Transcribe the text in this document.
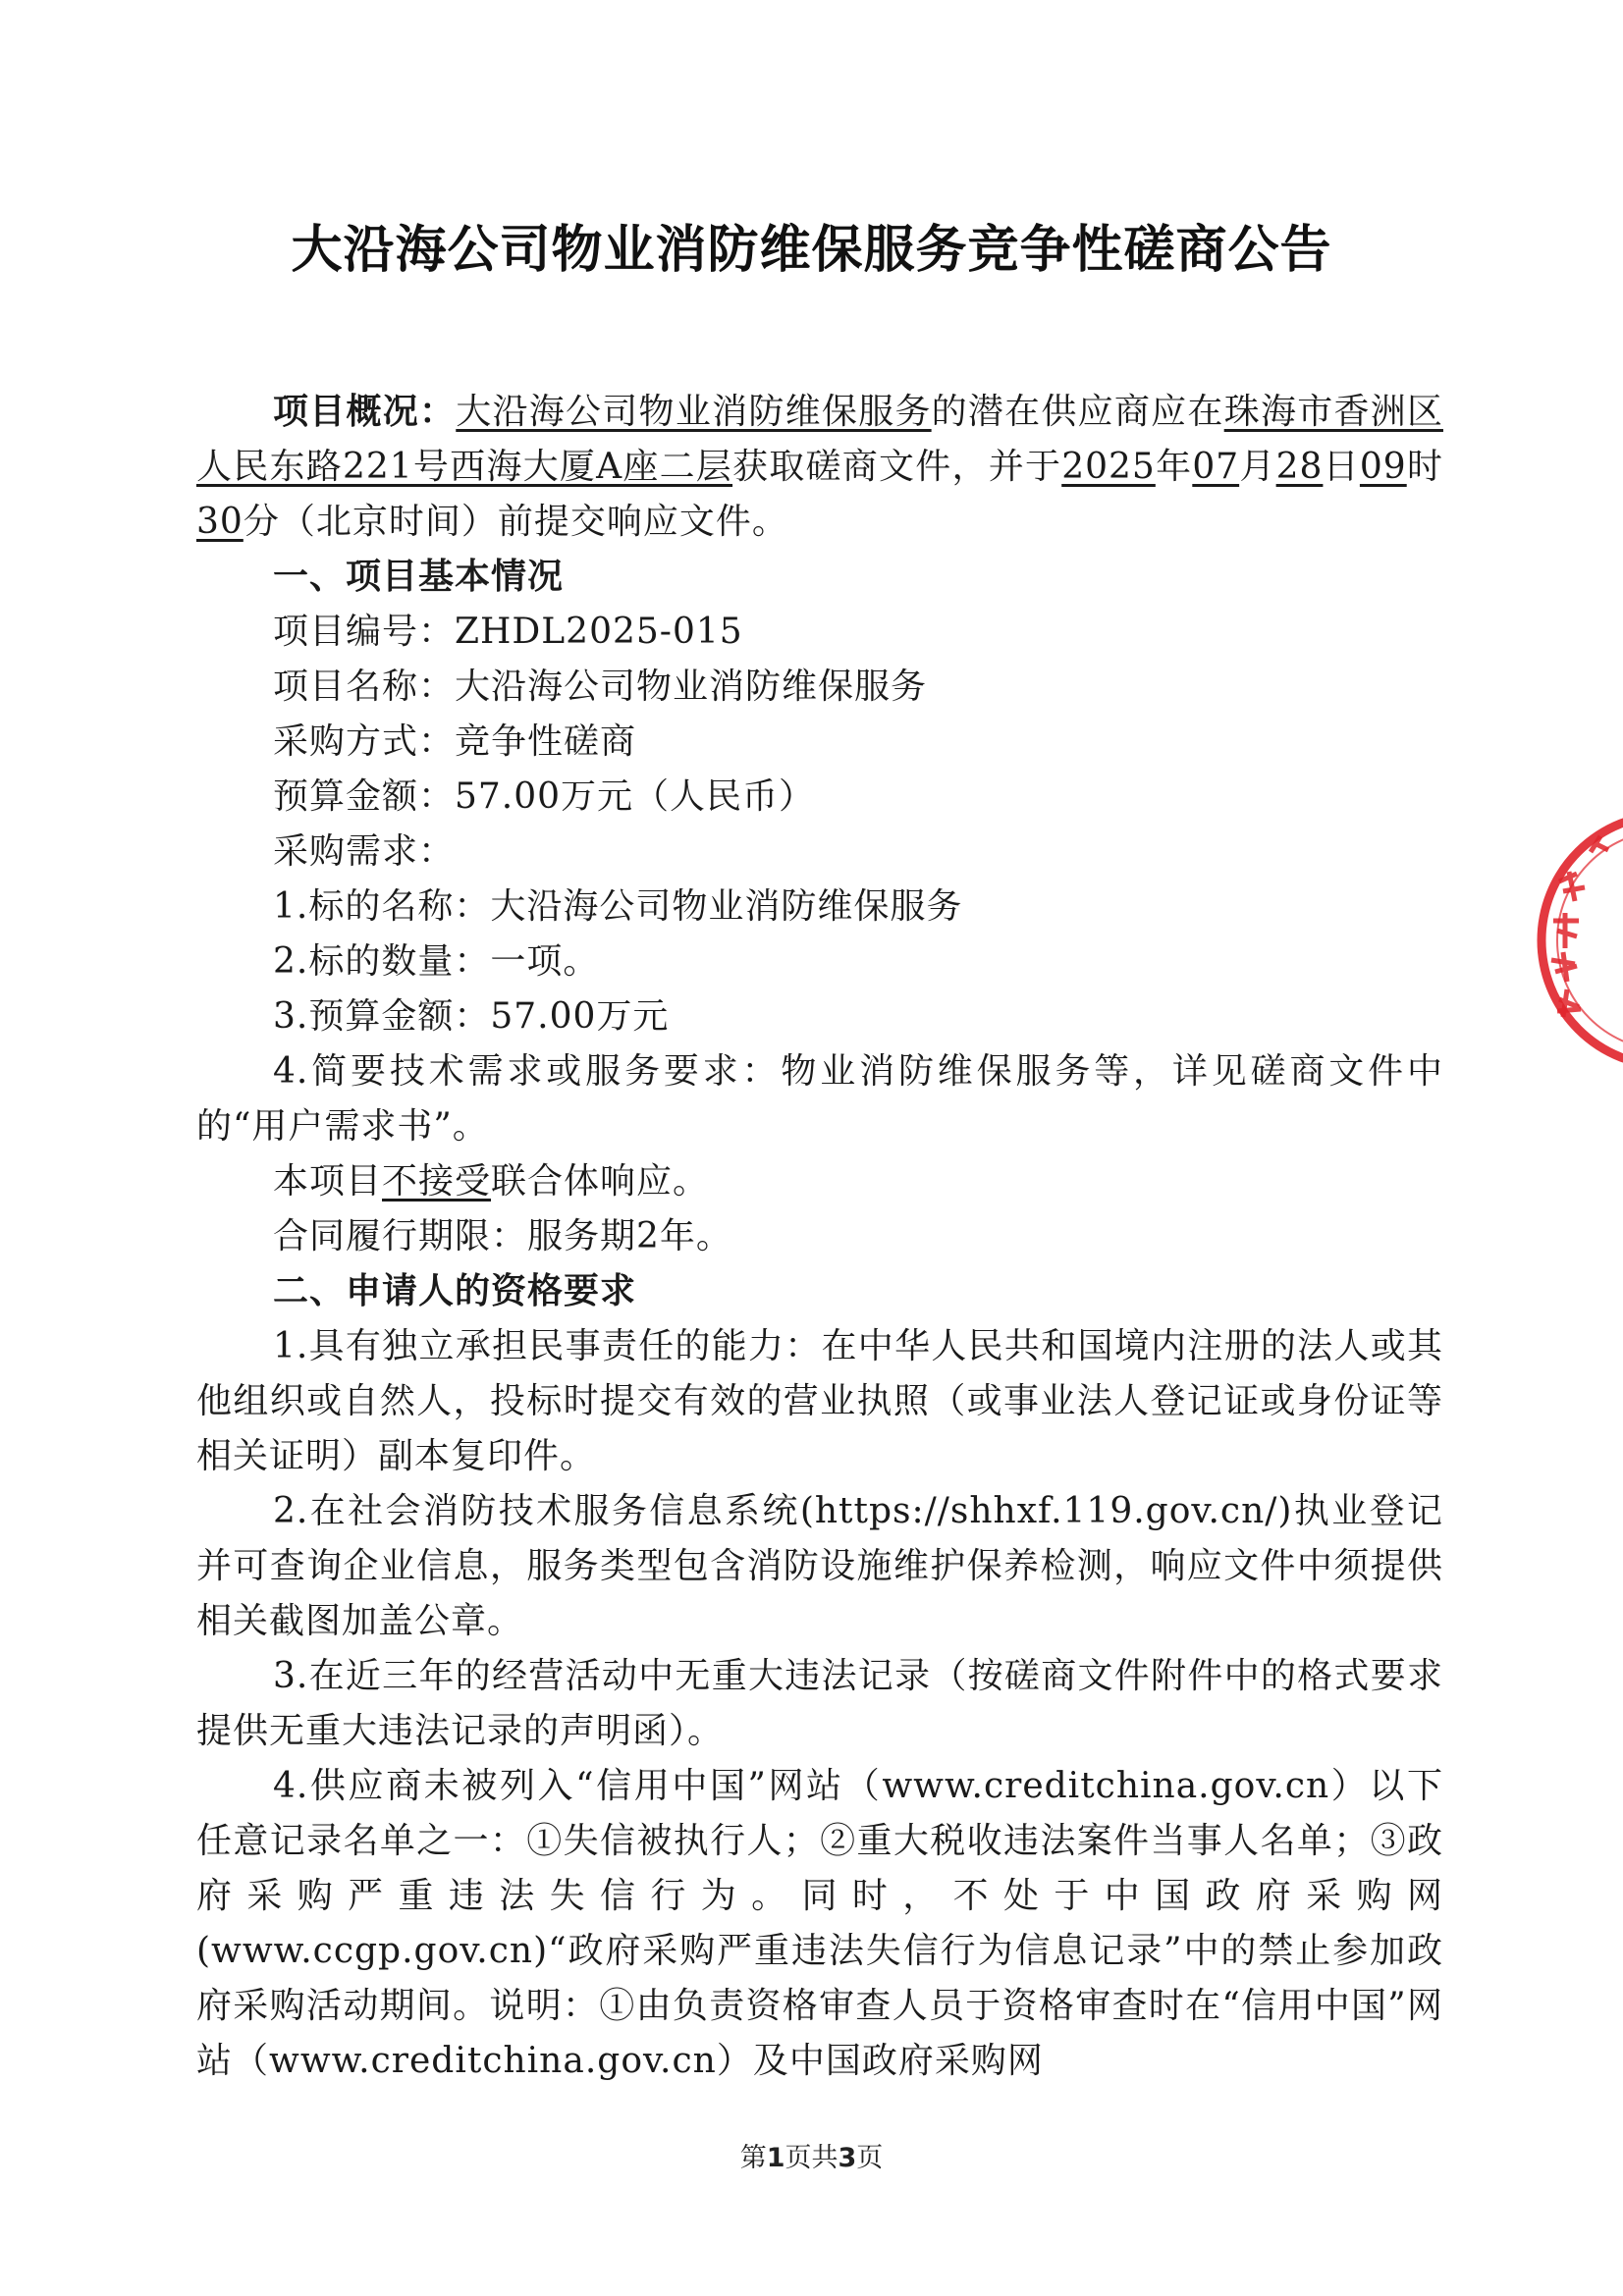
大沿海公司物业消防维保服务竞争性磋商公告

项目概况：大沿海公司物业消防维保服务的潜在供应商应在珠海市香洲区人民东路221号西海大厦A座二层获取磋商文件，并于2025年07月28日09时30分（北京时间）前提交响应文件。

一、项目基本情况

项目编号：ZHDL2025-015

项目名称：大沿海公司物业消防维保服务

采购方式：竞争性磋商

预算金额：57.00万元（人民币）

采购需求：

1.标的名称：大沿海公司物业消防维保服务

2.标的数量：一项。

3.预算金额：57.00万元

4.简要技术需求或服务要求：物业消防维保服务等，详见磋商文件中的“用户需求书”。

本项目不接受联合体响应。

合同履行期限：服务期2年。

二、申请人的资格要求

1.具有独立承担民事责任的能力：在中华人民共和国境内注册的法人或其他组织或自然人，投标时提交有效的营业执照（或事业法人登记证或身份证等相关证明）副本复印件。

2.在社会消防技术服务信息系统(https://shhxf.119.gov.cn/)执业登记并可查询企业信息，服务类型包含消防设施维护保养检测，响应文件中须提供相关截图加盖公章。

3.在近三年的经营活动中无重大违法记录（按磋商文件附件中的格式要求提供无重大违法记录的声明函）。

4.供应商未被列入“信用中国”网站（www.creditchina.gov.cn）以下任意记录名单之一：①失信被执行人；②重大税收违法案件当事人名单；③政府采购严重违法失信行为。同时，不处于中国政府采购网(www.ccgp.gov.cn)“政府采购严重违法失信行为信息记录”中的禁止参加政府采购活动期间。说明：①由负责资格审查人员于资格审查时在“信用中国”网站（www.creditchina.gov.cn）及中国政府采购网

第1页共3页
